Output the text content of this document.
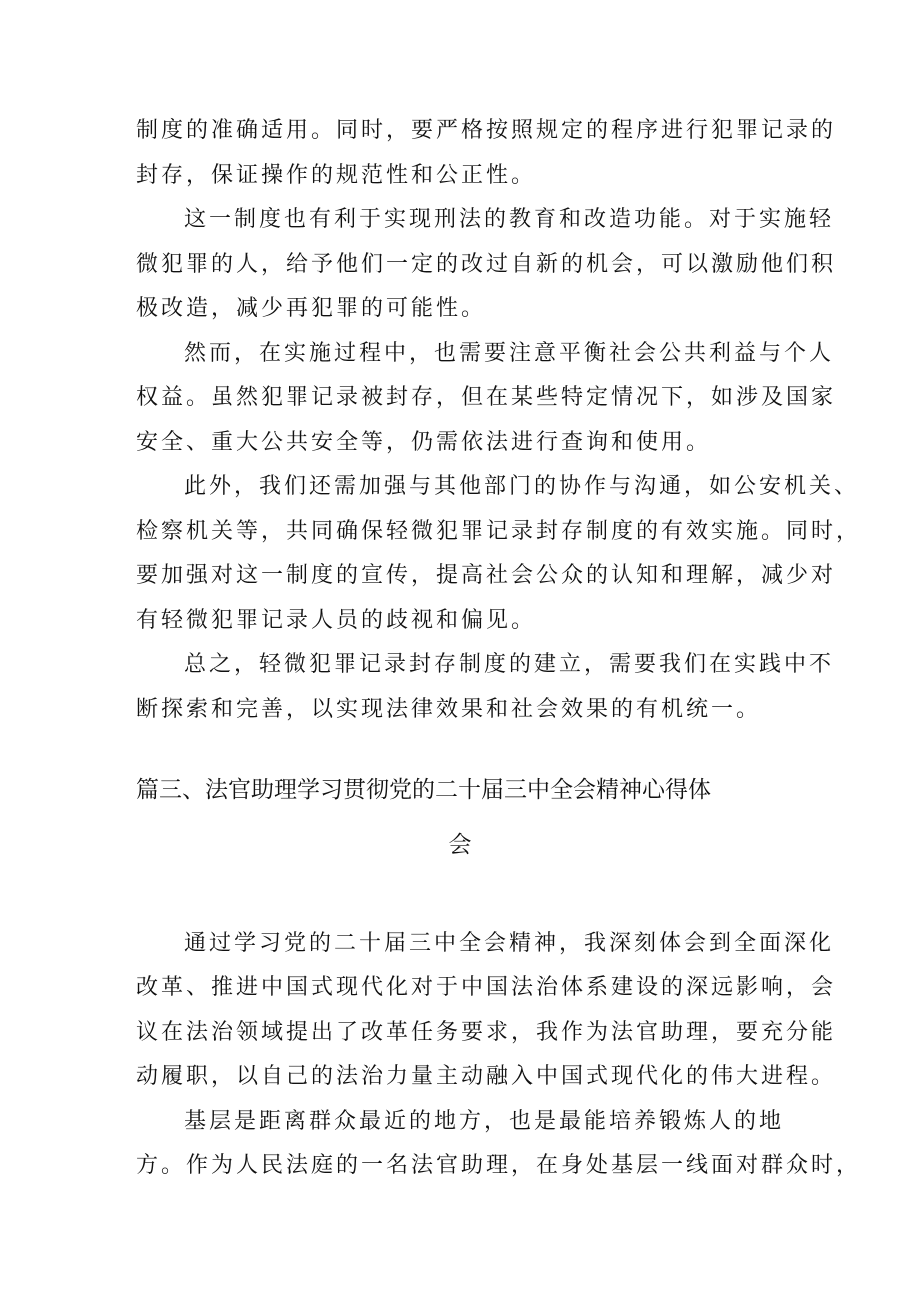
制度的准确适用。同时，要严格按照规定的程序进行犯罪记录的
封存，保证操作的规范性和公正性。
这一制度也有利于实现刑法的教育和改造功能。对于实施轻
微犯罪的人，给予他们一定的改过自新的机会，可以激励他们积
极改造，减少再犯罪的可能性。
然而，在实施过程中，也需要注意平衡社会公共利益与个人
权益。虽然犯罪记录被封存，但在某些特定情况下，如涉及国家
安全、重大公共安全等，仍需依法进行查询和使用。
此外，我们还需加强与其他部门的协作与沟通，如公安机关、
检察机关等，共同确保轻微犯罪记录封存制度的有效实施。同时，
要加强对这一制度的宣传，提高社会公众的认知和理解，减少对
有轻微犯罪记录人员的歧视和偏见。
总之，轻微犯罪记录封存制度的建立，需要我们在实践中不
断探索和完善，以实现法律效果和社会效果的有机统一。
篇三、法官助理学习贯彻党的二十届三中全会精神心得体
会
通过学习党的二十届三中全会精神，我深刻体会到全面深化
改革、推进中国式现代化对于中国法治体系建设的深远影响，会
议在法治领域提出了改革任务要求，我作为法官助理，要充分能
动履职，以自己的法治力量主动融入中国式现代化的伟大进程。
基层是距离群众最近的地方，也是最能培养锻炼人的地
方。作为人民法庭的一名法官助理，在身处基层一线面对群众时，
